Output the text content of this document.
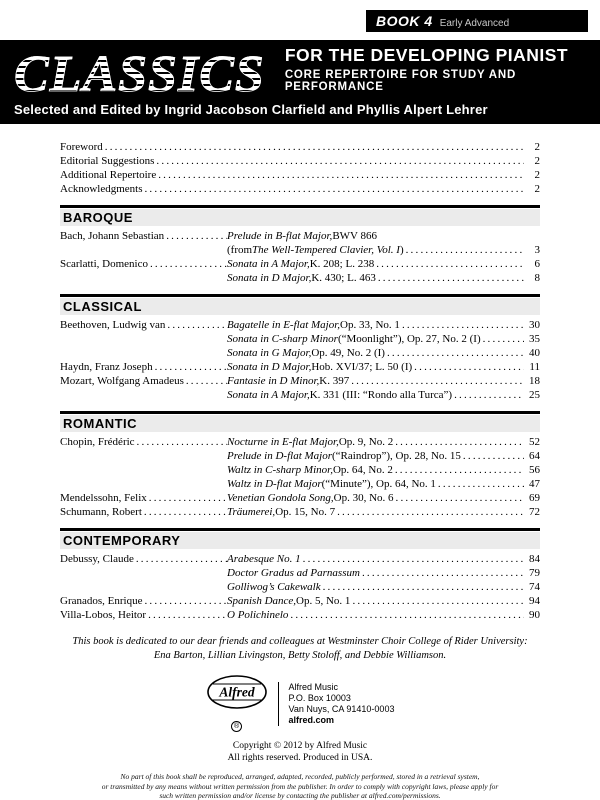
BOOK 4 Early Advanced
CLASSICS	FOR THE DEVELOPING PIANIST
CORE REPERTOIRE FOR STUDY AND PERFORMANCE
Selected and Edited by Ingrid Jacobson Clarfield and Phyllis Alpert Lehrer
Foreword .....	2
Editorial Suggestions .....	2
Additional Repertoire .....	2
Acknowledgments .....	2
BAROQUE
Bach, Johann Sebastian .....	Prelude in B-flat Major, BWV 866
(from The Well-Tempered Clavier, Vol. I ) .....	3
Scarlatti, Domenico .....	Sonata in A Major, K. 208; L. 238 .....	6
Sonata in D Major, K. 430; L. 463 .....	8
CLASSICAL
Beethoven, Ludwig van .....	Bagatelle in E-flat Major, Op. 33, No. 1 .....	30
Sonata in C-sharp Minor (“Moonlight”), Op. 27, No. 2 (I) .....	35
Sonata in G Major, Op. 49, No. 2 (I) .....	40
Haydn, Franz Joseph .....	Sonata in D Major, Hob. XVI/37; L. 50 (I) .....	11
Mozart, Wolfgang Amadeus .....	Fantasie in D Minor, K. 397 .....	18
Sonata in A Major, K. 331 (III: “Rondo alla Turca”) .....	25
ROMANTIC
Chopin, Frédéric .....	Nocturne in E-flat Major, Op. 9, No. 2 .....	52
Prelude in D-flat Major (“Raindrop”), Op. 28, No. 15 .....	64
Waltz in C-sharp Minor, Op. 64, No. 2 .....	56
Waltz in D-flat Major (“Minute”), Op. 64, No. 1 .....	47
Mendelssohn, Felix .....	Venetian Gondola Song, Op. 30, No. 6 .....	69
Schumann, Robert .....	Träumerei, Op. 15, No. 7 .....	72
CONTEMPORARY
Debussy, Claude .....	Arabesque No. 1 .....	84
Doctor Gradus ad Parnassum .....	79
Golliwog’s Cakewalk .....	74
Granados, Enrique .....	Spanish Dance, Op. 5, No. 1 .....	94
Villa-Lobos, Heitor .....	O Polichinelo .....	90
This book is dedicated to our dear friends and colleagues at Westminster Choir College of Rider University:
Ena Barton, Lillian Livingston, Betty Stoloff, and Debbie Williamson.
Alfred
®
Alfred Music
P.O. Box 10003
Van Nuys, CA 91410-0003
alfred.com
Copyright © 2012 by Alfred Music
All rights reserved. Produced in USA.
No part of this book shall be reproduced, arranged, adapted, recorded, publicly performed, stored in a retrieval system,
or transmitted by any means without written permission from the publisher. In order to comply with copyright laws, please apply for
such written permission and/or license by contacting the publisher at alfred.com/permissions.
